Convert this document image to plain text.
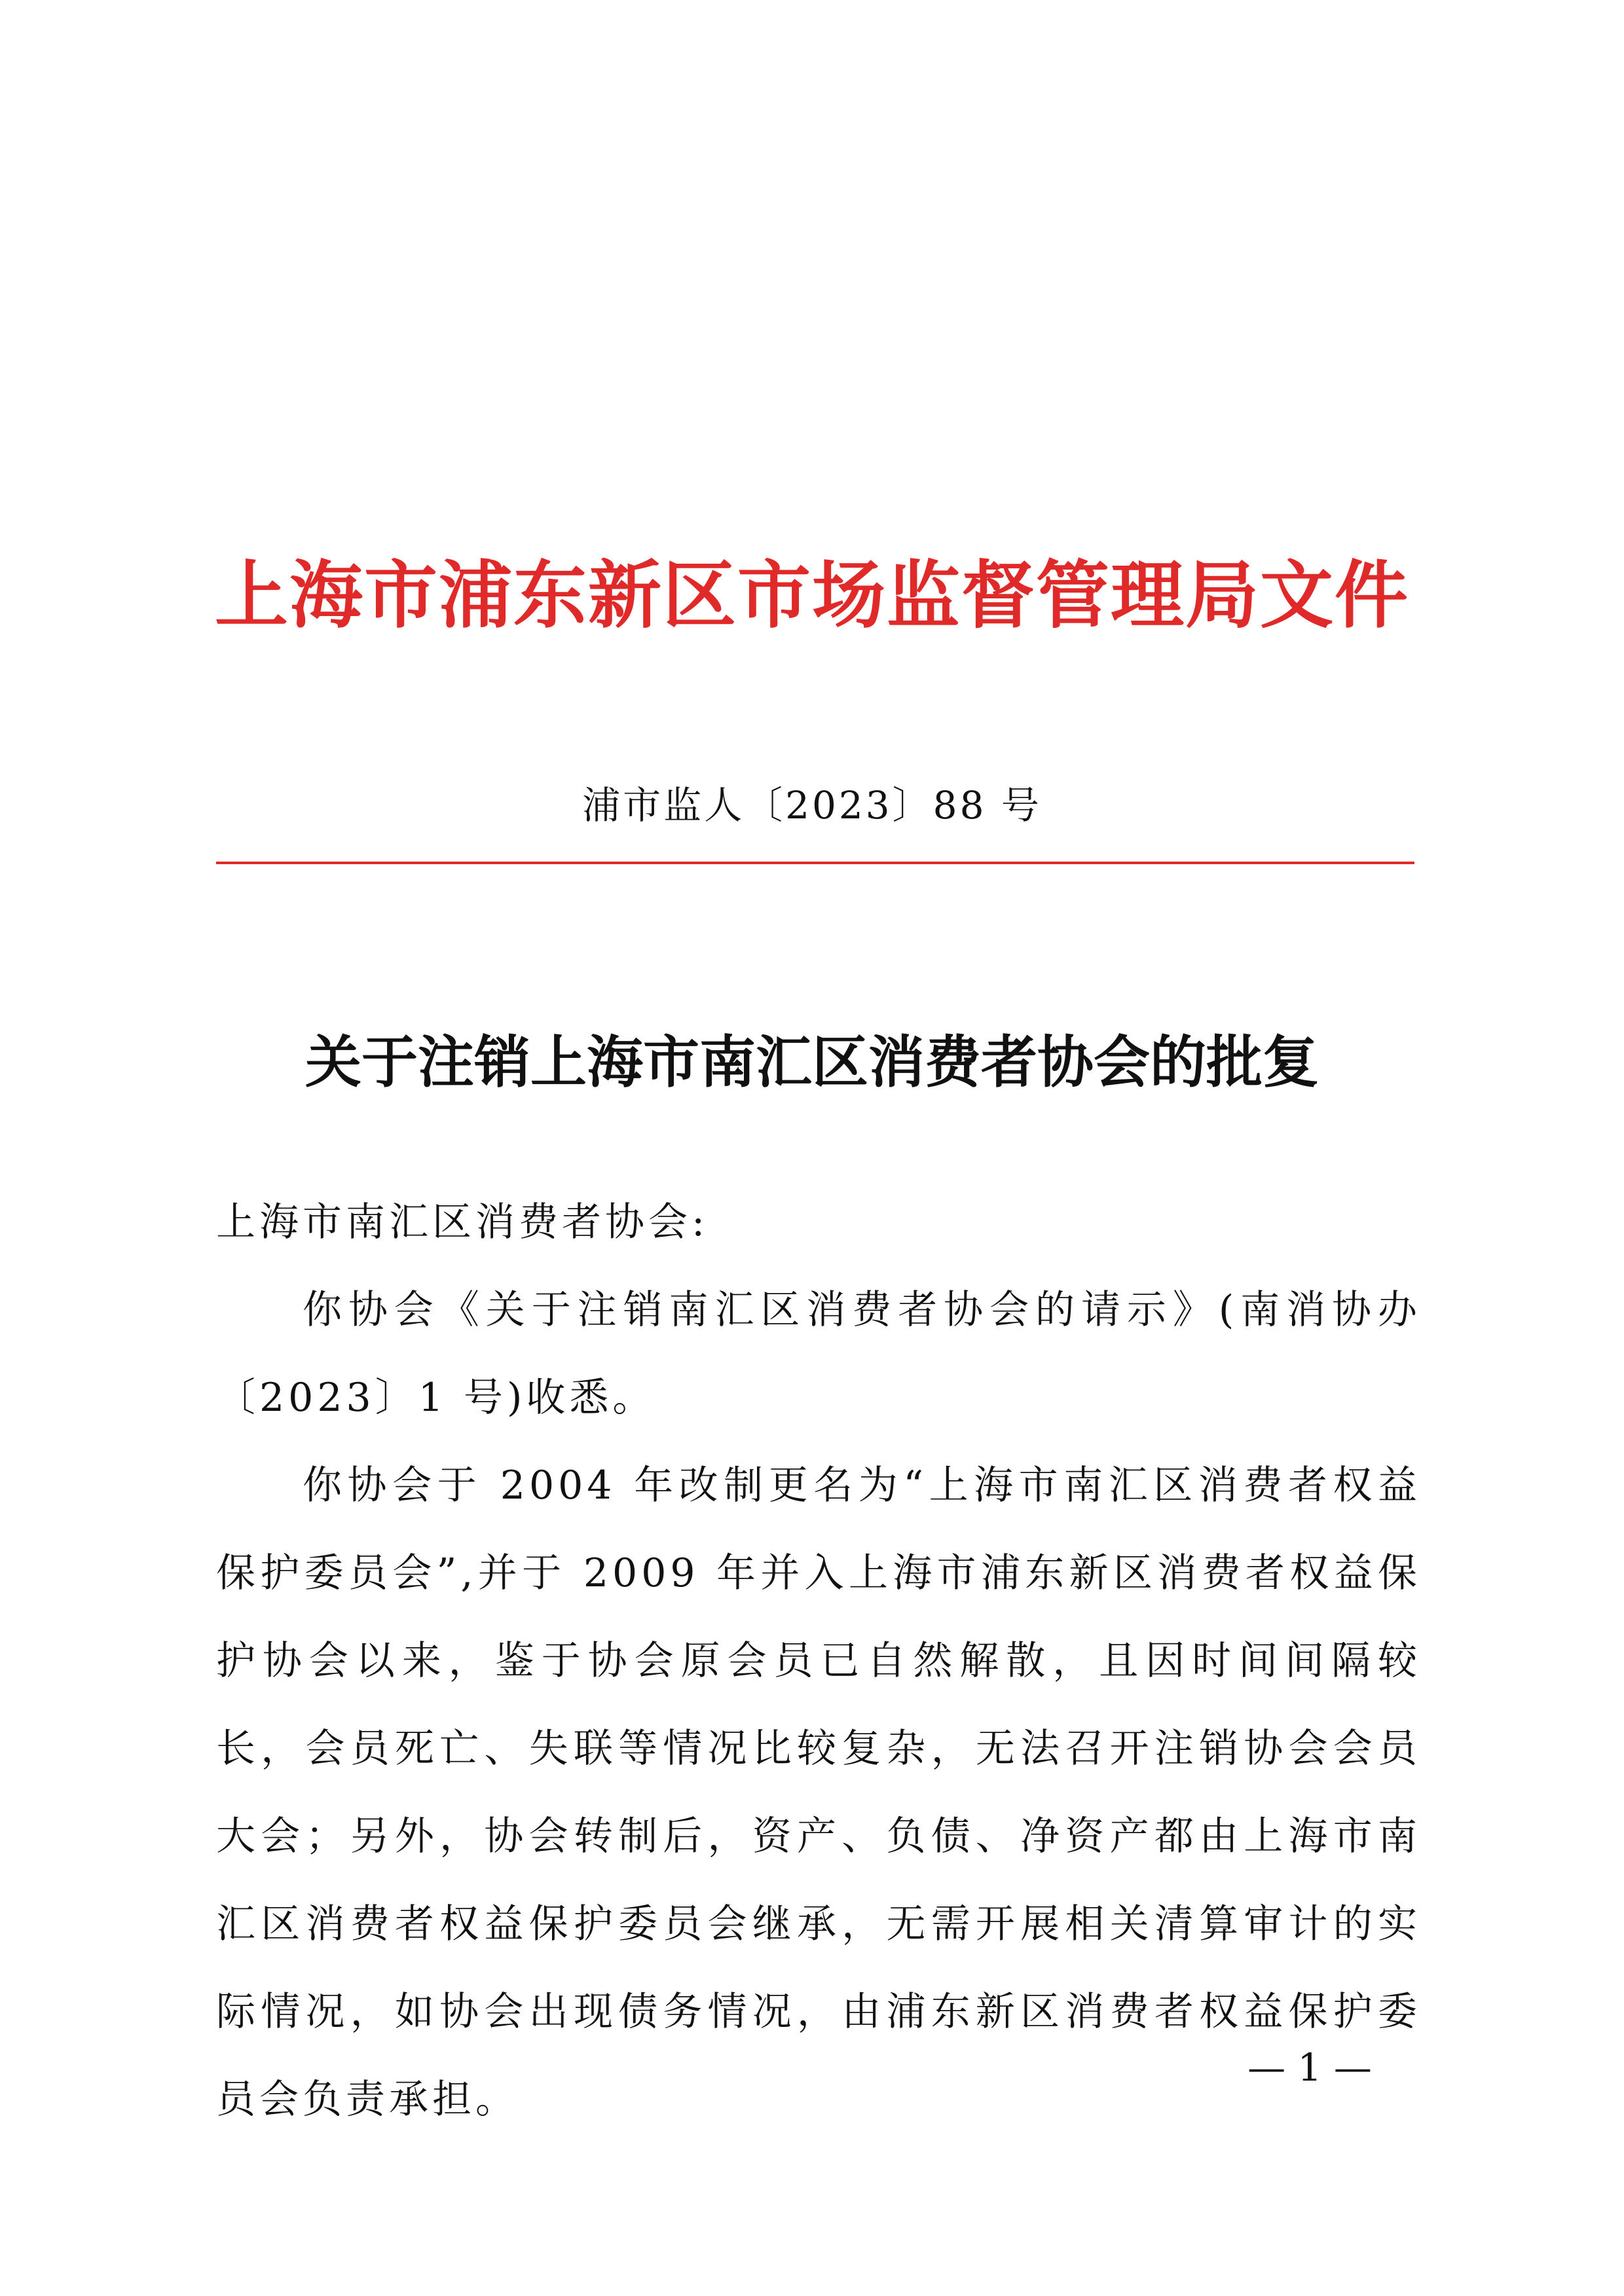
上海市浦东新区市场监督管理局文件
浦市监人〔2023〕88 号
关于注销上海市南汇区消费者协会的批复

上海市南汇区消费者协会:

你协会《关于注销南汇区消费者协会的请示》(南消协办〔2023〕1 号)收悉。

你协会于 2004 年改制更名为“上海市南汇区消费者权益保护委员会”,并于 2009 年并入上海市浦东新区消费者权益保护协会以来，鉴于协会原会员已自然解散，且因时间间隔较长，会员死亡、失联等情况比较复杂，无法召开注销协会会员大会；另外，协会转制后，资产、负债、净资产都由上海市南汇区消费者权益保护委员会继承，无需开展相关清算审计的实际情况，如协会出现债务情况，由浦东新区消费者权益保护委员会负责承担。

— 1 —
